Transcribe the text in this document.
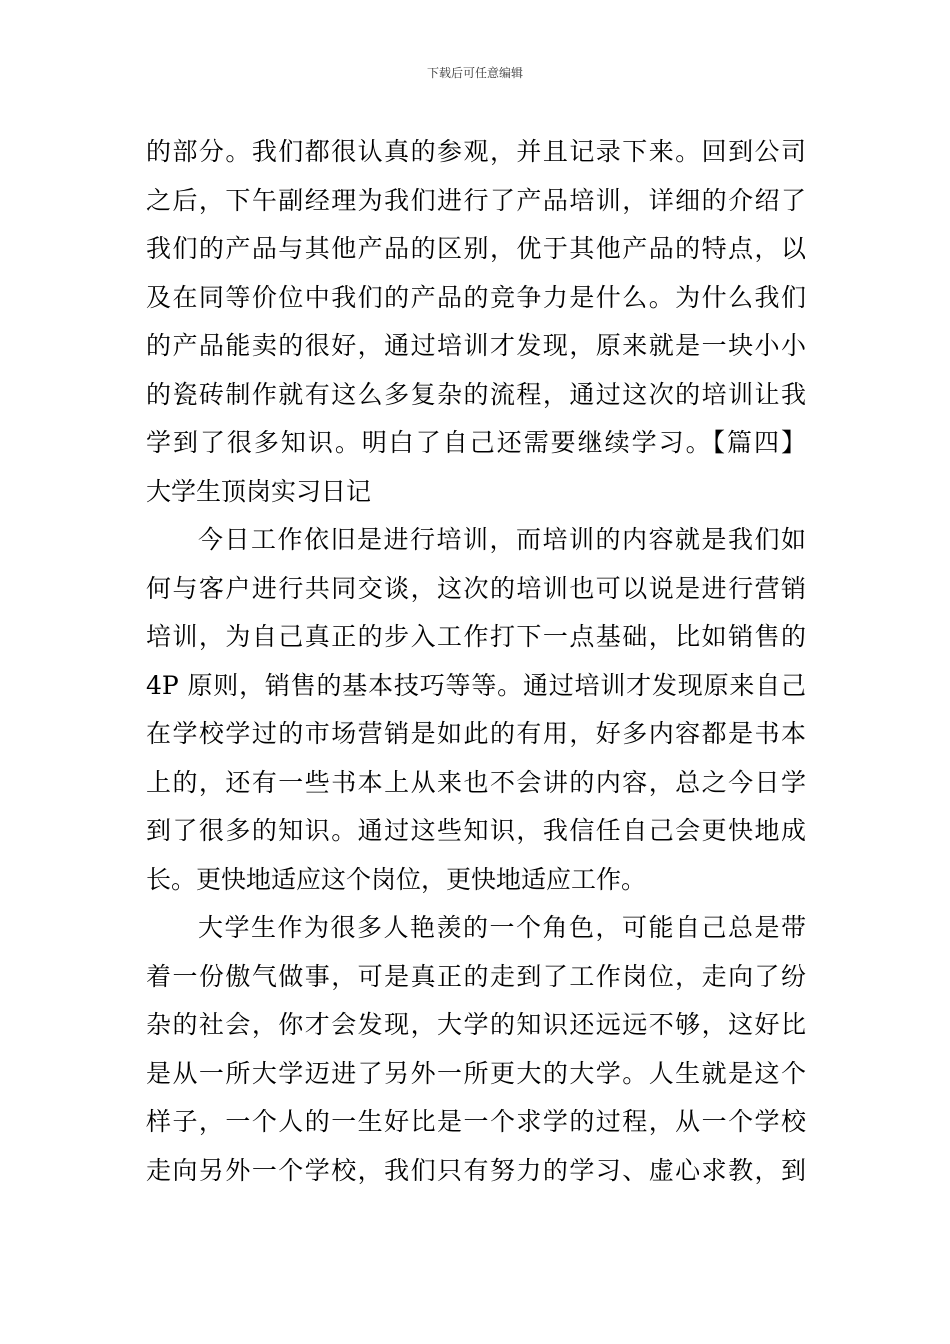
下载后可任意编辑
的部分。我们都很认真的参观，并且记录下来。回到公司
之后，下午副经理为我们进行了产品培训，详细的介绍了
我们的产品与其他产品的区别，优于其他产品的特点，以
及在同等价位中我们的产品的竞争力是什么。为什么我们
的产品能卖的很好，通过培训才发现，原来就是一块小小
的瓷砖制作就有这么多复杂的流程，通过这次的培训让我
学到了很多知识。明白了自己还需要继续学习。【篇四】
大学生顶岗实习日记
今日工作依旧是进行培训，而培训的内容就是我们如
何与客户进行共同交谈，这次的培训也可以说是进行营销
培训，为自己真正的步入工作打下一点基础，比如销售的
4P 原则，销售的基本技巧等等。通过培训才发现原来自己
在学校学过的市场营销是如此的有用，好多内容都是书本
上的，还有一些书本上从来也不会讲的内容，总之今日学
到了很多的知识。通过这些知识，我信任自己会更快地成
长。更快地适应这个岗位，更快地适应工作。
大学生作为很多人艳羡的一个角色，可能自己总是带
着一份傲气做事，可是真正的走到了工作岗位，走向了纷
杂的社会，你才会发现，大学的知识还远远不够，这好比
是从一所大学迈进了另外一所更大的大学。人生就是这个
样子，一个人的一生好比是一个求学的过程，从一个学校
走向另外一个学校，我们只有努力的学习、虚心求教，到
